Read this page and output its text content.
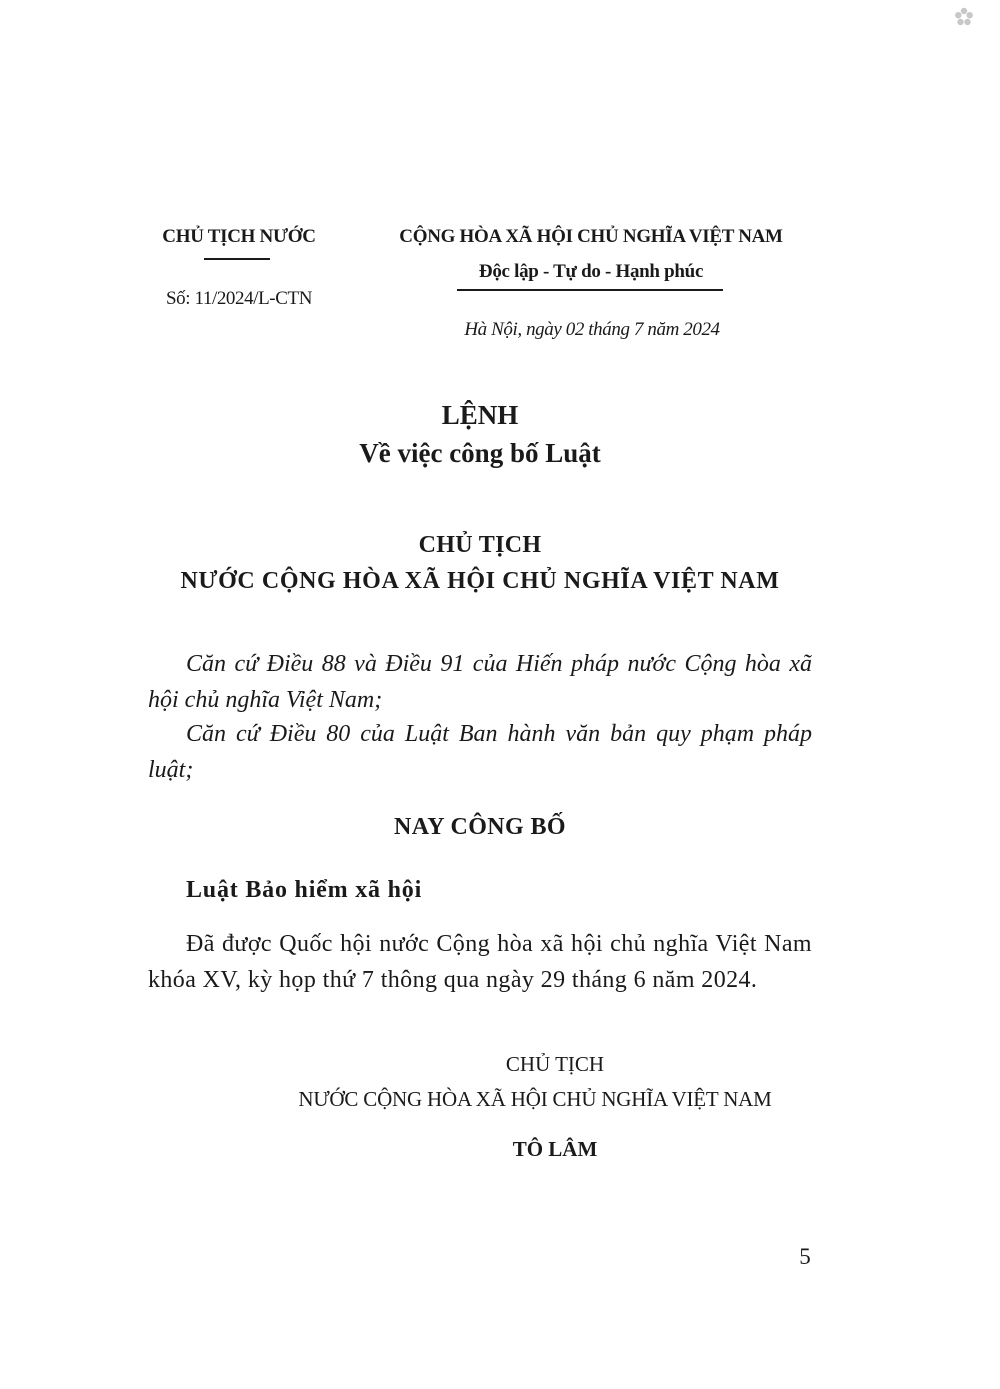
CHỦ TỊCH NƯỚC
Số: 11/2024/L-CTN
CỘNG HÒA XÃ HỘI CHỦ NGHĨA VIỆT NAM
Độc lập - Tự do - Hạnh phúc
Hà Nội, ngày 02 tháng 7 năm 2024
LỆNH
Về việc công bố Luật
CHỦ TỊCH
NƯỚC CỘNG HÒA XÃ HỘI CHỦ NGHĨA VIỆT NAM
Căn cứ Điều 88 và Điều 91 của Hiến pháp nước Cộng hòa xã hội chủ nghĩa Việt Nam;
Căn cứ Điều 80 của Luật Ban hành văn bản quy phạm pháp luật;
NAY CÔNG BỐ
Luật Bảo hiểm xã hội
Đã được Quốc hội nước Cộng hòa xã hội chủ nghĩa Việt Nam khóa XV, kỳ họp thứ 7 thông qua ngày 29 tháng 6 năm 2024.
CHỦ TỊCH
NƯỚC CỘNG HÒA XÃ HỘI CHỦ NGHĨA VIỆT NAM
TÔ LÂM
5
